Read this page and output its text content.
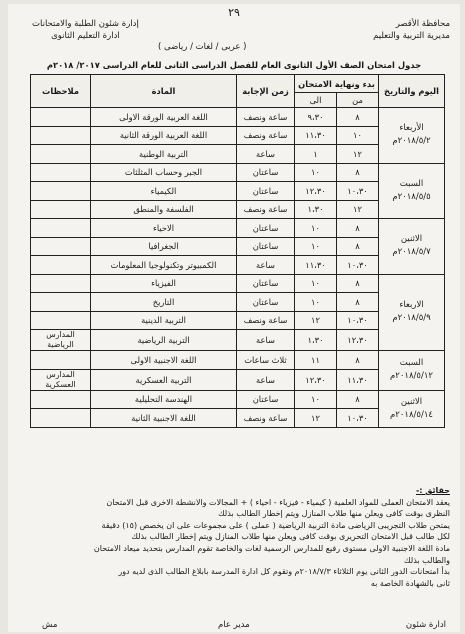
٢٩
محافظة الأقصر
مديرية التربية والتعليم
إدارة شئون الطلبة والامتحانات
ادارة التعليم الثانوى
( عربى / لغات / رياضى )
جدول امتحان الصف الأول الثانوى العام للفصل الدراسى الثانى للعام الدراسى ٢٠١٧/ ٢٠١٨م
اليوم والتاريخ	بدء ونهاية الامتحان		زمن الإجابة	المادة	ملاحظات
	من	الى			

الأربعاء
٢٠١٨/٥/٢م	٨	٩،٣٠	ساعة ونصف	اللغة العربية الورقة الاولى	
	١٠	١١،٣٠	ساعة ونصف	اللغة العربية الورقة الثانية	
	١٢	١	ساعة	التربية الوطنية	

السبت
٢٠١٨/٥/٥م	٨	١٠	ساعتان	الجبر وحساب المثلثات	
	١٠،٣٠	١٢،٣٠	ساعتان	الكيمياء	
	١٢	١،٣٠	ساعة ونصف	الفلسفة والمنطق	

الاثنين
٢٠١٨/٥/٧م	٨	١٠	ساعتان	الاحياء	
	٨	١٠	ساعتان	الجغرافيا	
	١٠،٣٠	١١،٣٠	ساعة	الكمبيوتر وتكنولوجيا المعلومات	

الاربعاء
٢٠١٨/٥/٩م	٨	١٠	ساعتان	الفيزياء	
	٨	١٠	ساعتان	التاريخ	
	١٠،٣٠	١٢	ساعة ونصف	التربية الدينية	
	١٢،٣٠	١،٣٠	ساعة	التربية الرياضية	المدارس الرياضية

السبت
٢٠١٨/٥/١٢م	٨	١١	ثلاث ساعات	اللغة الاجنبية الاولى	
	١١،٣٠	١٢،٣٠	ساعة	التربية العسكرية	المدارس العسكرية

الاثنين
٢٠١٨/٥/١٤م	٨	١٠	ساعتان	الهندسة التحليلية	
	١٠،٣٠	١٢	ساعة ونصف	اللغة الاجنبية الثانية	
حقائق :-
يعقد الامتحان العملى للمواد العلمية ( كيمياء - فيزياء - احياء ) + المجالات والانشطة الاخرى قبل الامتحان
النظرى بوقت كافى ويعلن منها طلاب المنازل ويتم إخطار الطالب بذلك
يمتحن طلاب التجريبى الرياضى مادة التربية الرياضية ( عملى ) على مجموعات على ان يخصص (١٥) دقيقة
لكل طالب قبل الامتحان التحريرى بوقت كافى ويعلن منها طلاب المنازل ويتم إخطار الطالب بذلك
مادة اللغة الاجنبية الاولى مستوى رفيع للمدارس الرسمية لغات والخاصة تقوم المدارس بتحديد ميعاد الامتحان
والطالب بذلك
بدأ امتحانات الدور الثانى يوم الثلاثاء ٢٠١٨/٧/٣م وتقوم كل ادارة المدرسة بابلاغ الطالب الذى لديه دور
ثانى بالشهادة الخاصة به
ادارة شئون
مدير عام
مش
